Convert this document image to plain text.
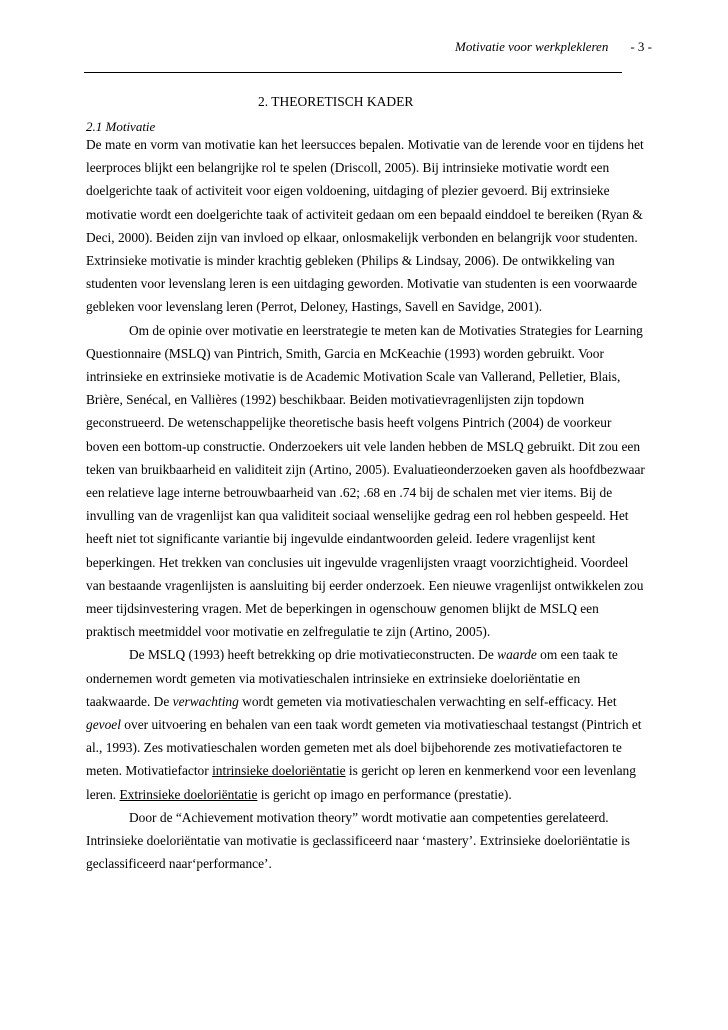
Motivatie voor werkplekleren - 3 -
2. THEORETISCH KADER
2.1 Motivatie

De mate en vorm van motivatie kan het leersucces bepalen. Motivatie van de lerende voor en tijdens het leerproces blijkt een belangrijke rol te spelen (Driscoll, 2005). Bij intrinsieke motivatie wordt een doelgerichte taak of activiteit voor eigen voldoening, uitdaging of plezier gevoerd. Bij extrinsieke motivatie wordt een doelgerichte taak of activiteit gedaan om een bepaald einddoel te bereiken (Ryan & Deci, 2000). Beiden zijn van invloed op elkaar, onlosmakelijk verbonden en belangrijk voor studenten. Extrinsieke motivatie is minder krachtig gebleken (Philips & Lindsay, 2006). De ontwikkeling van studenten voor levenslang leren is een uitdaging geworden. Motivatie van studenten is een voorwaarde gebleken voor levenslang leren (Perrot, Deloney, Hastings, Savell en Savidge, 2001).

Om de opinie over motivatie en leerstrategie te meten kan de Motivaties Strategies for Learning Questionnaire (MSLQ) van Pintrich, Smith, Garcia en McKeachie (1993) worden gebruikt. Voor intrinsieke en extrinsieke motivatie is de Academic Motivation Scale van Vallerand, Pelletier, Blais, Brière, Senécal, en Vallières (1992) beschikbaar. Beiden motivatievragenlijsten zijn topdown geconstrueerd. De wetenschappelijke theoretische basis heeft volgens Pintrich (2004) de voorkeur boven een bottom-up constructie. Onderzoekers uit vele landen hebben de MSLQ gebruikt. Dit zou een teken van bruikbaarheid en validiteit zijn (Artino, 2005). Evaluatieonderzoeken gaven als hoofdbezwaar een relatieve lage interne betrouwbaarheid van .62; .68 en .74 bij de schalen met vier items. Bij de invulling van de vragenlijst kan qua validiteit sociaal wenselijke gedrag een rol hebben gespeeld. Het heeft niet tot significante variantie bij ingevulde eindantwoorden geleid. Iedere vragenlijst kent beperkingen. Het trekken van conclusies uit ingevulde vragenlijsten vraagt voorzichtigheid. Voordeel van bestaande vragenlijsten is aansluiting bij eerder onderzoek. Een nieuwe vragenlijst ontwikkelen zou meer tijdsinvestering vragen. Met de beperkingen in ogenschouw genomen blijkt de MSLQ een praktisch meetmiddel voor motivatie en zelfregulatie te zijn (Artino, 2005).

De MSLQ (1993) heeft betrekking op drie motivatieconstructen. De waarde om een taak te ondernemen wordt gemeten via motivatieschalen intrinsieke en extrinsieke doeloriëntatie en taakwaarde. De verwachting wordt gemeten via motivatieschalen verwachting en self-efficacy. Het gevoel over uitvoering en behalen van een taak wordt gemeten via motivatieschaal testangst (Pintrich et al., 1993). Zes motivatieschalen worden gemeten met als doel bijbehorende zes motivatiefactoren te meten. Motivatiefactor intrinsieke doeloriëntatie is gericht op leren en kenmerkend voor een levenlang leren. Extrinsieke doeloriëntatie is gericht op imago en performance (prestatie).

Door de “Achievement motivation theory” wordt motivatie aan competenties gerelateerd. Intrinsieke doeloriëntatie van motivatie is geclassificeerd naar ‘mastery’. Extrinsieke doeloriëntatie is geclassificeerd naar‘performance’.
